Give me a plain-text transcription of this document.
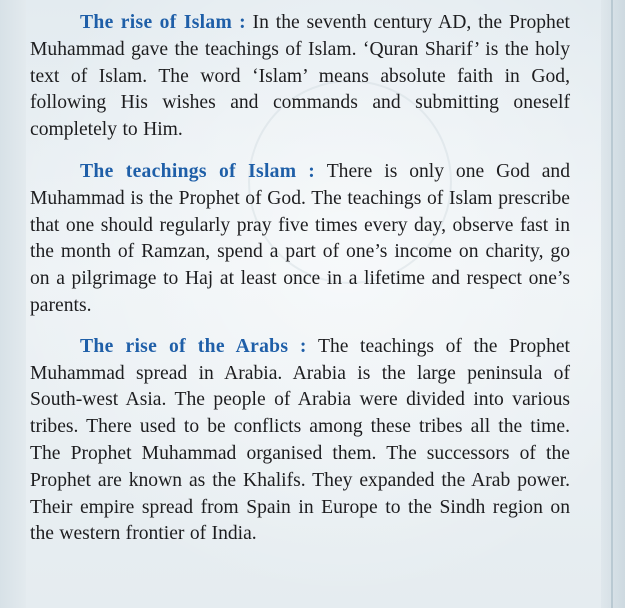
The rise of Islam : In the seventh century AD, the Prophet Muhammad gave the teachings of Islam. ‘Quran Sharif’ is the holy text of Islam. The word ‘Islam’ means absolute faith in God, following His wishes and commands and submitting oneself completely to Him.

The teachings of Islam : There is only one God and Muhammad is the Prophet of God. The teachings of Islam prescribe that one should regularly pray five times every day, observe fast in the month of Ramzan, spend a part of one’s income on charity, go on a pilgrimage to Haj at least once in a lifetime and respect one’s parents.

The rise of the Arabs : The teachings of the Prophet Muhammad spread in Arabia. Arabia is the large peninsula of South-west Asia. The people of Arabia were divided into various tribes. There used to be conflicts among these tribes all the time. The Prophet Muhammad organised them. The successors of the Prophet are known as the Khalifs. They expanded the Arab power. Their empire spread from Spain in Europe to the Sindh region on the western frontier of India.
